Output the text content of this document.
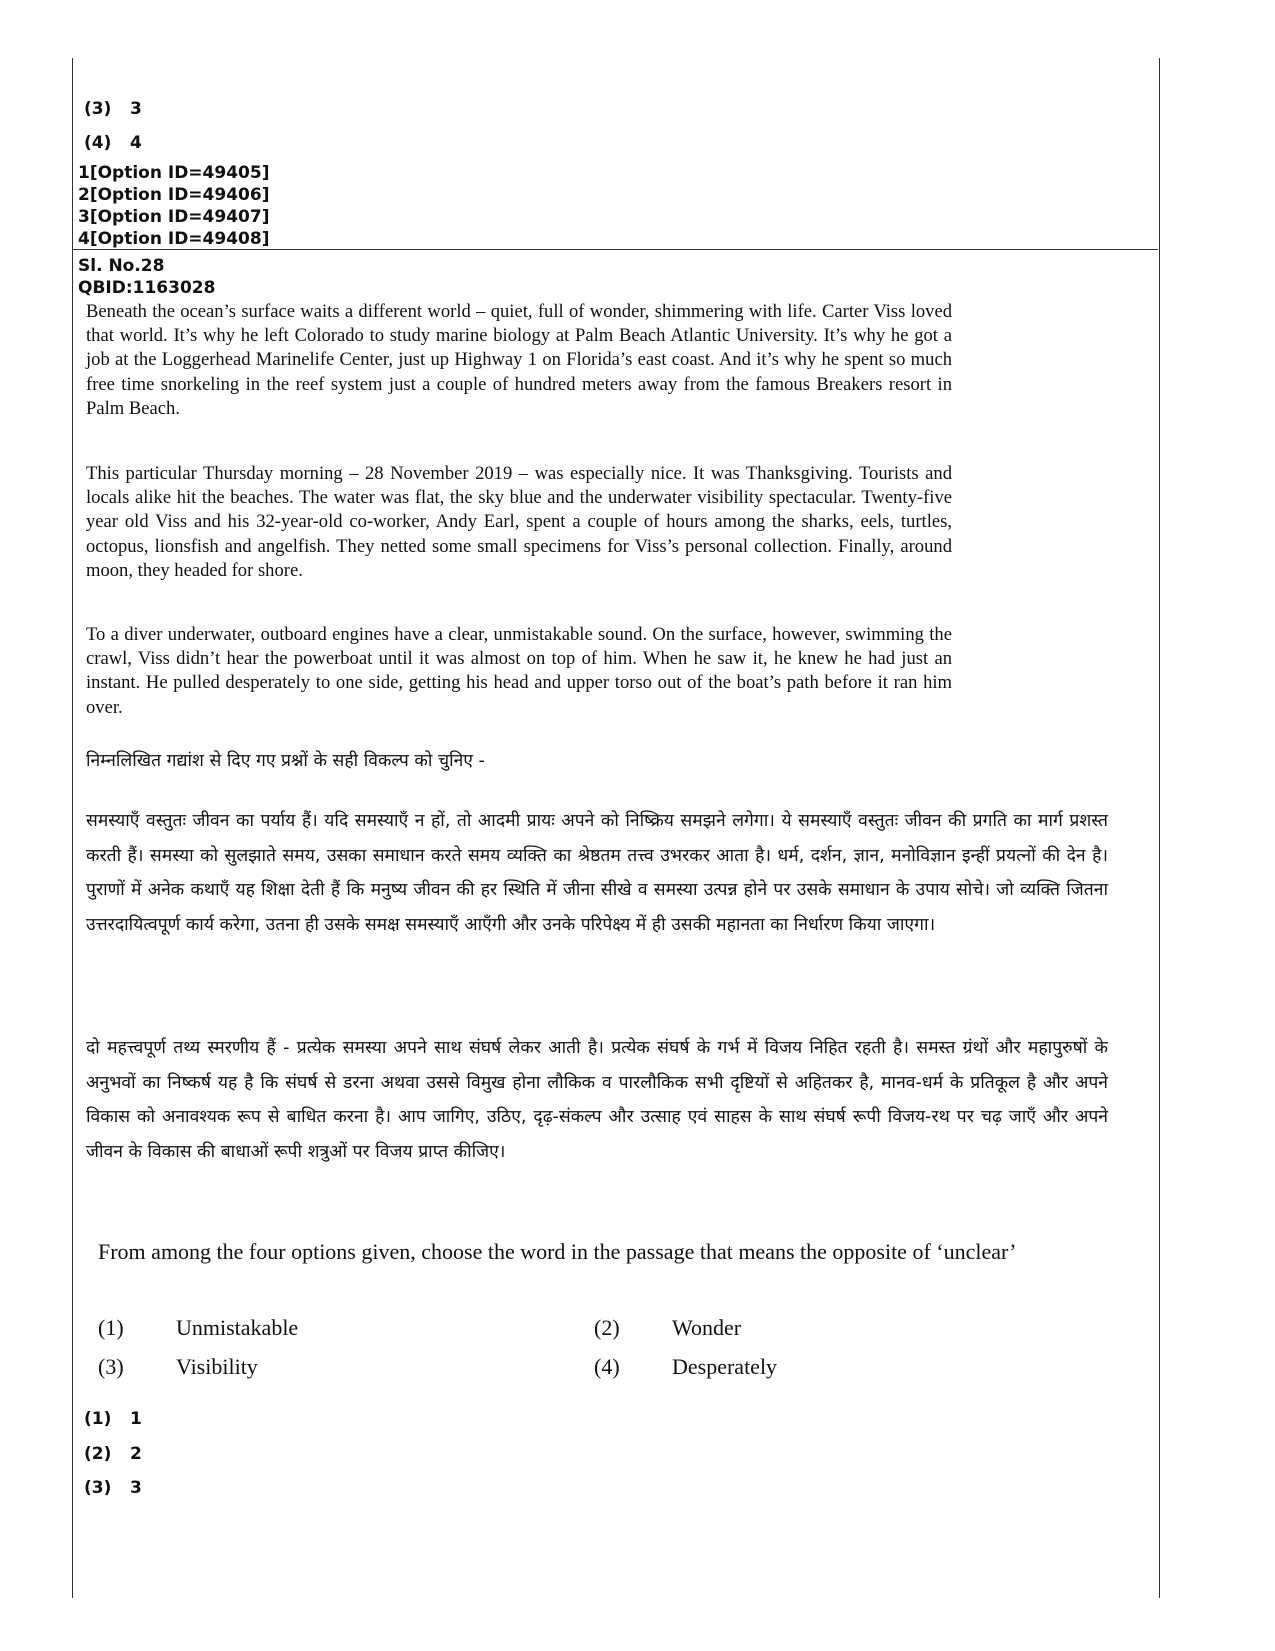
(3) 3
(4) 4
1[Option ID=49405]
2[Option ID=49406]
3[Option ID=49407]
4[Option ID=49408]
Sl. No.28
QBID:1163028

Beneath the ocean’s surface waits a different world – quiet, full of wonder, shimmering with life. Carter Viss loved that world. It’s why he left Colorado to study marine biology at Palm Beach Atlantic University. It’s why he got a job at the Loggerhead Marinelife Center, just up Highway 1 on Florida’s east coast. And it’s why he spent so much free time snorkeling in the reef system just a couple of hundred meters away from the famous Breakers resort in Palm Beach.

This particular Thursday morning – 28 November 2019 – was especially nice. It was Thanksgiving. Tourists and locals alike hit the beaches. The water was flat, the sky blue and the underwater visibility spectacular. Twenty-five year old Viss and his 32-year-old co-worker, Andy Earl, spent a couple of hours among the sharks, eels, turtles, octopus, lionsfish and angelfish. They netted some small specimens for Viss’s personal collection. Finally, around moon, they headed for shore.

To a diver underwater, outboard engines have a clear, unmistakable sound. On the surface, however, swimming the crawl, Viss didn’t hear the powerboat until it was almost on top of him. When he saw it, he knew he had just an instant. He pulled desperately to one side, getting his head and upper torso out of the boat’s path before it ran him over.

निम्नलिखित गद्यांश से दिए गए प्रश्नों के सही विकल्प को चुनिए -

समस्याएँ वस्तुतः जीवन का पर्याय हैं। यदि समस्याएँ न हों, तो आदमी प्रायः अपने को निष्क्रिय समझने लगेगा। ये समस्याएँ वस्तुतः जीवन की प्रगति का मार्ग प्रशस्त करती हैं। समस्या को सुलझाते समय, उसका समाधान करते समय व्यक्ति का श्रेष्ठतम तत्त्व उभरकर आता है। धर्म, दर्शन, ज्ञान, मनोविज्ञान इन्हीं प्रयत्नों की देन है। पुराणों में अनेक कथाएँ यह शिक्षा देती हैं कि मनुष्य जीवन की हर स्थिति में जीना सीखे व समस्या उत्पन्न होने पर उसके समाधान के उपाय सोचे। जो व्यक्ति जितना उत्तरदायित्वपूर्ण कार्य करेगा, उतना ही उसके समक्ष समस्याएँ आएँगी और उनके परिपेक्ष्य में ही उसकी महानता का निर्धारण किया जाएगा।

दो महत्त्वपूर्ण तथ्य स्मरणीय हैं - प्रत्येक समस्या अपने साथ संघर्ष लेकर आती है। प्रत्येक संघर्ष के गर्भ में विजय निहित रहती है। समस्त ग्रंथों और महापुरुषों के अनुभवों का निष्कर्ष यह है कि संघर्ष से डरना अथवा उससे विमुख होना लौकिक व पारलौकिक सभी दृष्टियों से अहितकर है, मानव-धर्म के प्रतिकूल है और अपने विकास को अनावश्यक रूप से बाधित करना है। आप जागिए, उठिए, दृढ़-संकल्प और उत्साह एवं साहस के साथ संघर्ष रूपी विजय-रथ पर चढ़ जाएँ और अपने जीवन के विकास की बाधाओं रूपी शत्रुओं पर विजय प्राप्त कीजिए।

From among the four options given, choose the word in the passage that means the opposite of ‘unclear’

(1) Unmistakable	(2) Wonder
(3) Visibility	(4) Desperately
(1) 1
(2) 2
(3) 3
